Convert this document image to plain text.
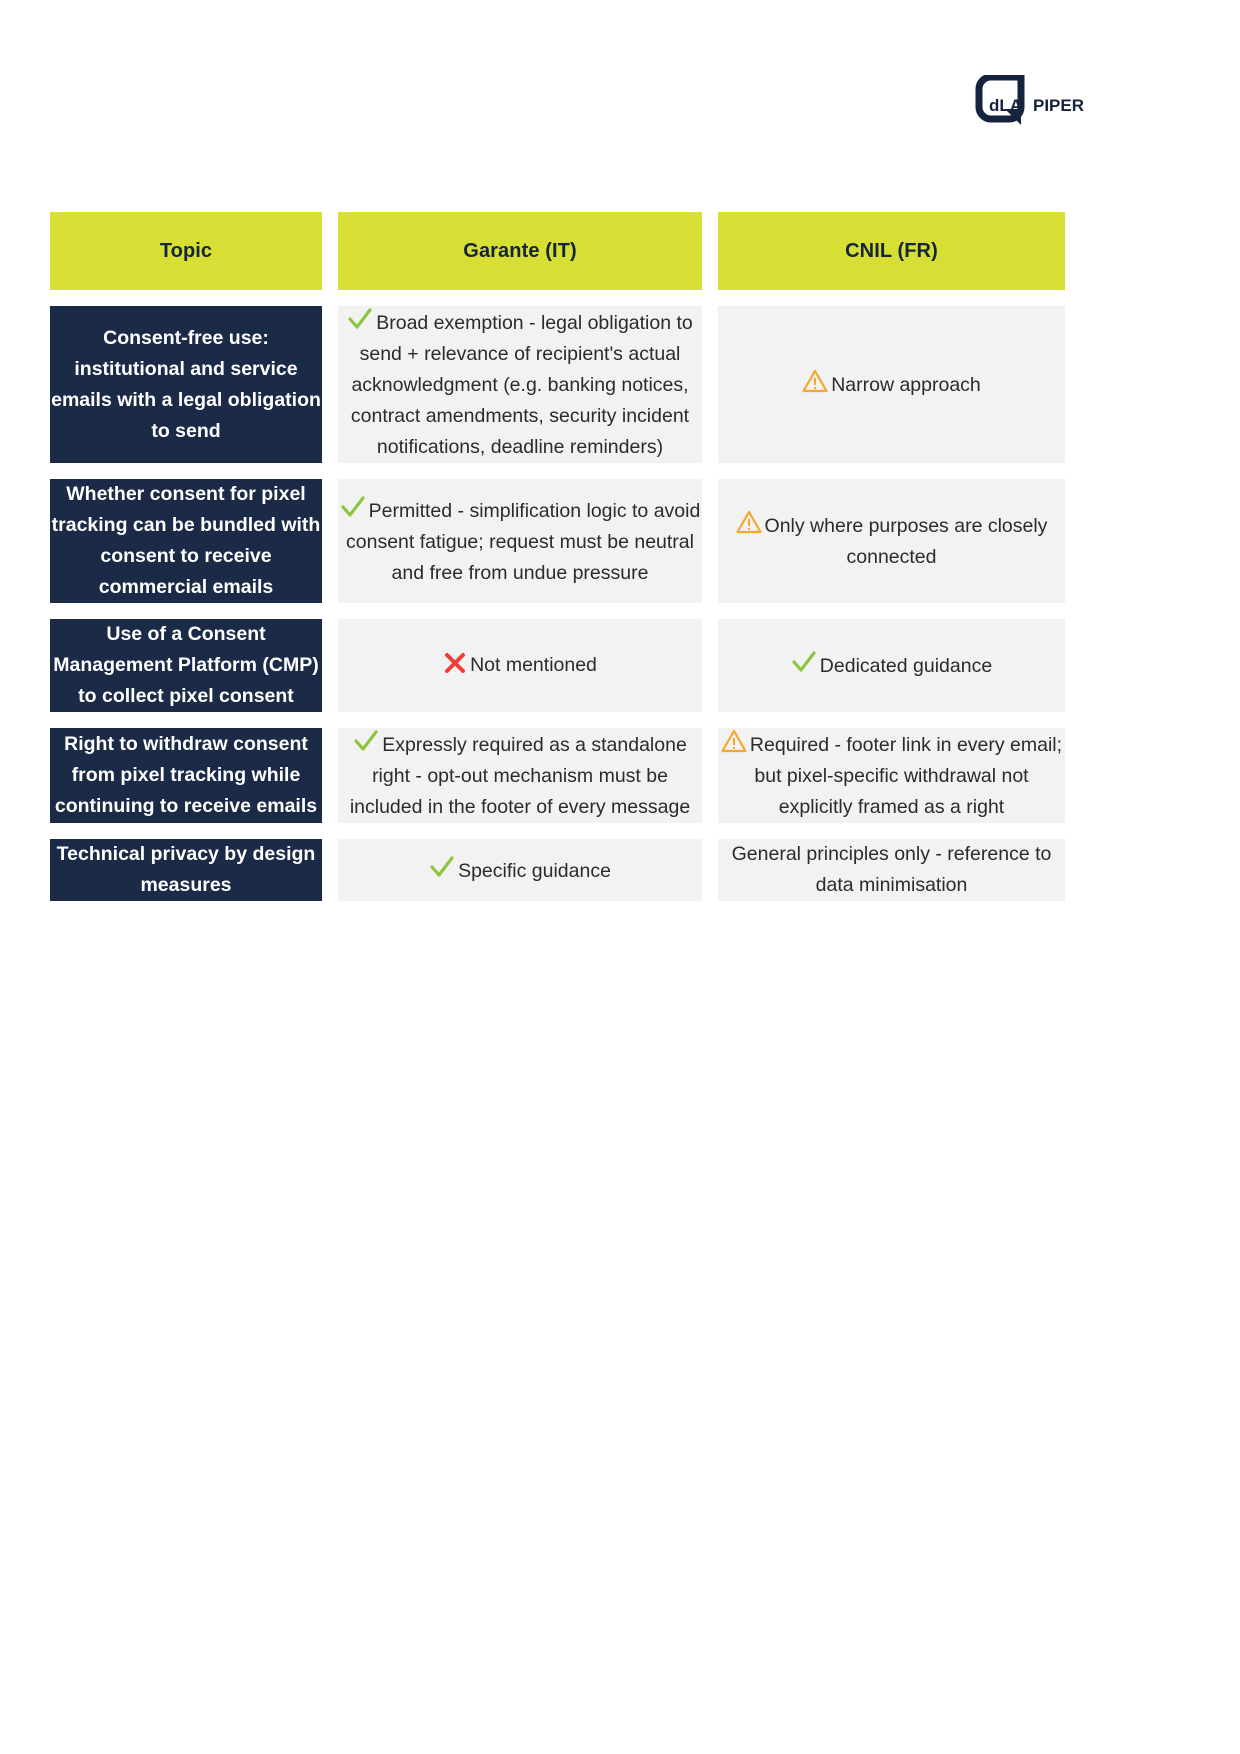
dLA PIPER
Topic		Garante (IT)		CNIL (FR)

Consent-free use: institutional and service emails with a legal obligation to send		Broad exemption - legal obligation to send + relevance of recipient's actual acknowledgment (e.g. banking notices, contract amendments, security incident notifications, deadline reminders)		Narrow approach

Whether consent for pixel tracking can be bundled with consent to receive commercial emails		Permitted - simplification logic to avoid consent fatigue; request must be neutral and free from undue pressure		Only where purposes are closely connected

Use of a Consent Management Platform (CMP) to collect pixel consent		Not mentioned		Dedicated guidance

Right to withdraw consent from pixel tracking while continuing to receive emails		Expressly required as a standalone right - opt-out mechanism must be included in the footer of every message		Required - footer link in every email; but pixel-specific withdrawal not explicitly framed as a right

Technical privacy by design measures		Specific guidance		General principles only - reference to data minimisation
